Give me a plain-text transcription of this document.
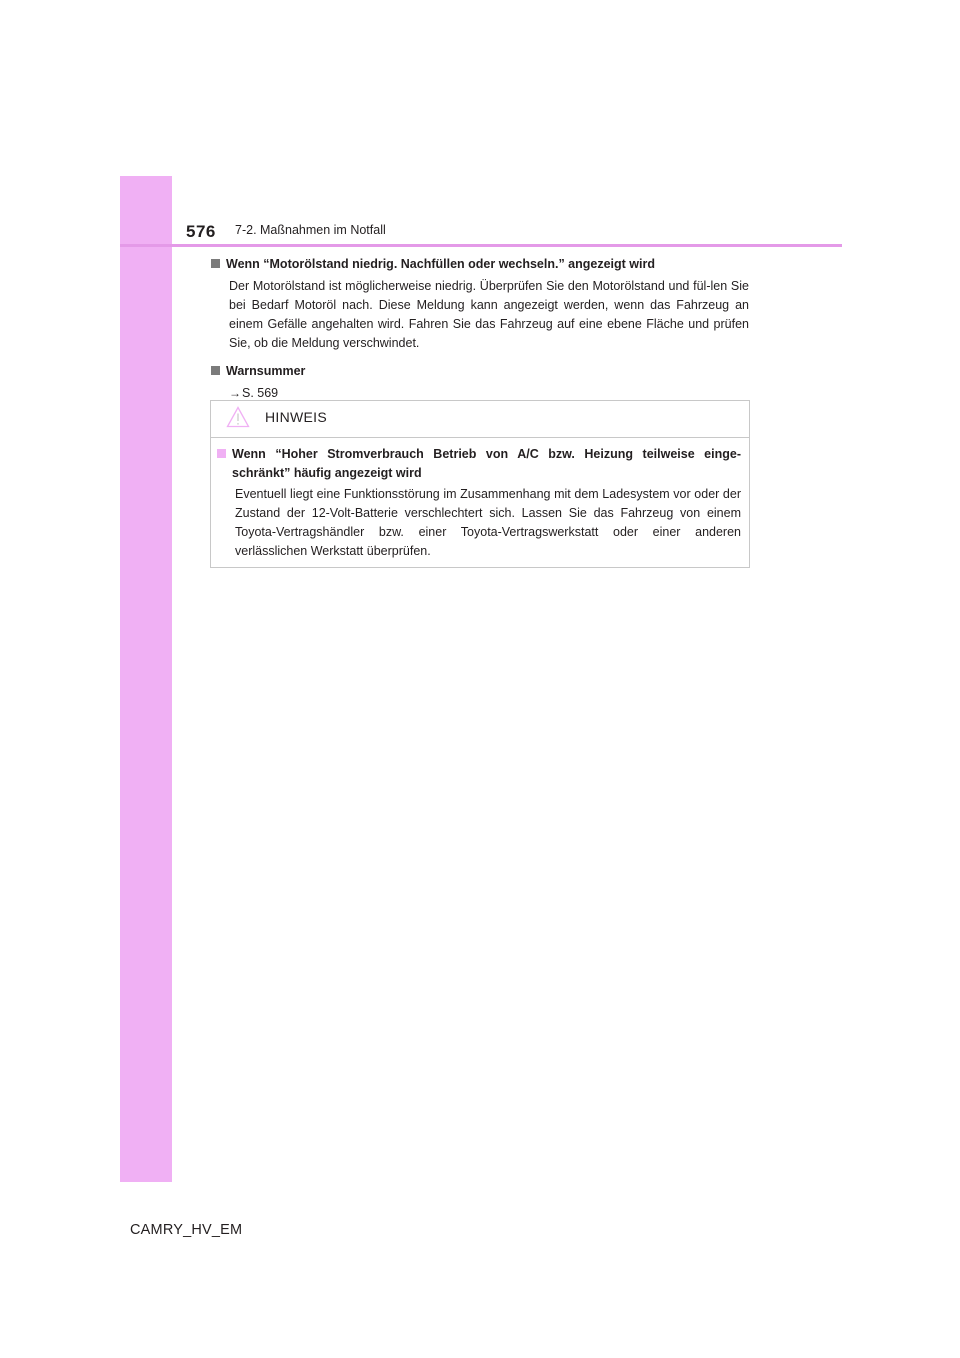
576 7-2. Maßnahmen im Notfall
Wenn “Motorölstand niedrig. Nachfüllen oder wechseln.” angezeigt wird
Der Motorölstand ist möglicherweise niedrig. Überprüfen Sie den Motorölstand und fül-len Sie bei Bedarf Motoröl nach. Diese Meldung kann angezeigt werden, wenn das Fahrzeug an einem Gefälle angehalten wird. Fahren Sie das Fahrzeug auf eine ebene Fläche und prüfen Sie, ob die Meldung verschwindet.
Warnsummer
→ S. 569
HINWEIS
Wenn “Hoher Stromverbrauch Betrieb von A/C bzw. Heizung teilweise einge-schränkt” häufig angezeigt wird
Eventuell liegt eine Funktionsstörung im Zusammenhang mit dem Ladesystem vor oder der Zustand der 12-Volt-Batterie verschlechtert sich. Lassen Sie das Fahrzeug von einem Toyota-Vertragshändler bzw. einer Toyota-Vertragswerkstatt oder einer anderen verlässlichen Werkstatt überprüfen.
CAMRY_HV_EM
